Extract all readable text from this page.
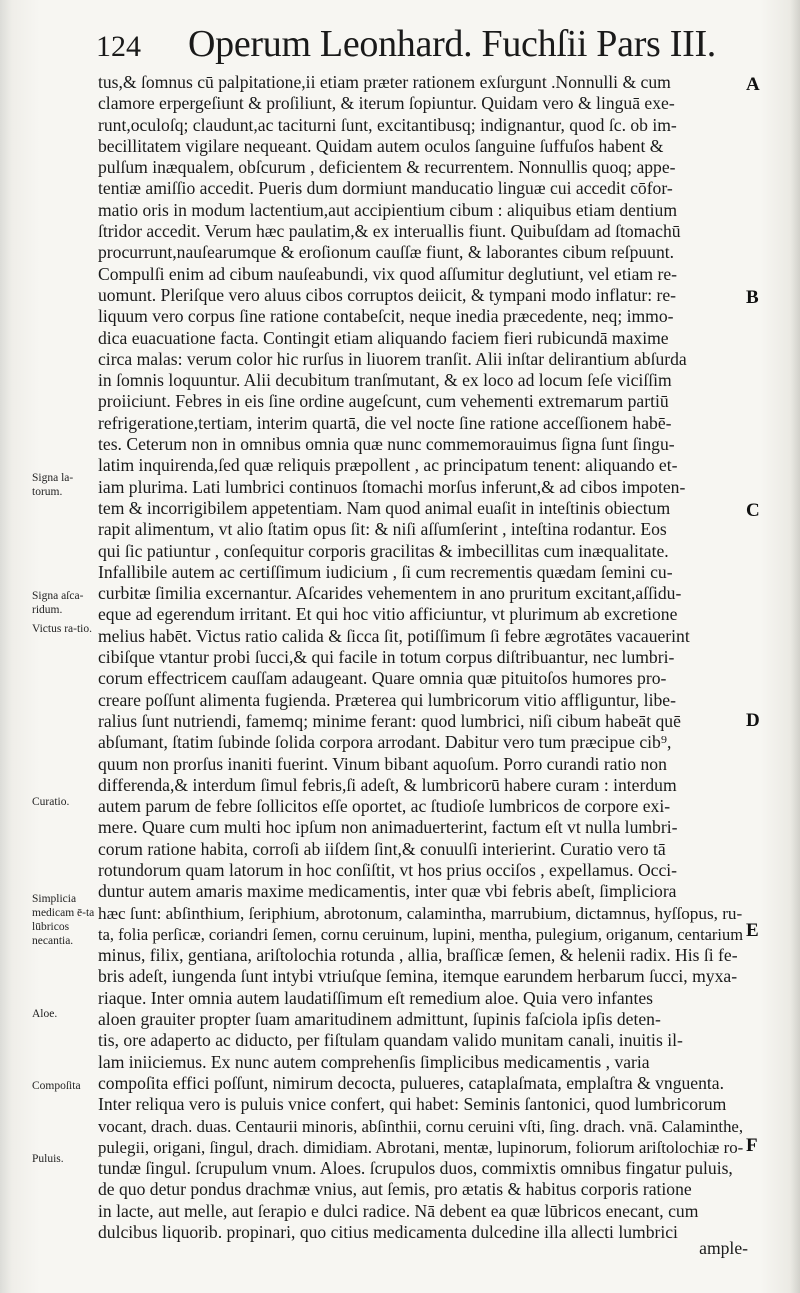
124 Operum Leonhard. Fuchſii Pars III.
tus,& ſomnus cū palpitatione,ii etiam præter rationem exſurgunt .Nonnulli & cum
clamore erpergeſiunt & proſiliunt, & iterum ſopiuntur. Quidam vero & linguā exe-
runt,oculoſq; claudunt,ac taciturni ſunt, excitantibusq; indignantur, quod ſc. ob im-
becillitatem vigilare nequeant. Quidam autem oculos ſanguine ſuffuſos habent &
pulſum inæqualem, obſcurum , deficientem & recurrentem. Nonnullis quoq; appe-
tentiæ amiſſio accedit. Pueris dum dormiunt manducatio linguæ cui accedit cōfor-
matio oris in modum lactentium,aut accipientium cibum : aliquibus etiam dentium
ſtridor accedit. Verum hæc paulatim,& ex interuallis fiunt. Quibuſdam ad ſtomachū
procurrunt,nauſearumque & eroſionum cauſſæ fiunt, & laborantes cibum reſpuunt.
Compulſi enim ad cibum nauſeabundi, vix quod aſſumitur deglutiunt, vel etiam re-
uomunt. Pleriſque vero aluus cibos corruptos deiicit, & tympani modo inflatur: re-
liquum vero corpus ſine ratione contabeſcit, neque inedia præcedente, neq; immo-
dica euacuatione facta. Contingit etiam aliquando faciem fieri rubicundā maxime
circa malas: verum color hic rurſus in liuorem tranſit. Alii inſtar delirantium abſurda
in ſomnis loquuntur. Alii decubitum tranſmutant, & ex loco ad locum ſeſe viciſſim
proiiciunt. Febres in eis ſine ordine augeſcunt, cum vehementi extremarum partiū
refrigeratione,tertiam, interim quartā, die vel nocte ſine ratione acceſſionem habē-
tes. Ceterum non in omnibus omnia quæ nunc commemorauimus ſigna ſunt ſingu-
latim inquirenda,ſed quæ reliquis præpollent , ac principatum tenent: aliquando et-
iam plurima. Lati lumbrici continuos ſtomachi morſus inferunt,& ad cibos impoten-
tem & incorrigibilem appetentiam. Nam quod animal euaſit in inteſtinis obiectum
rapit alimentum, vt alio ſtatim opus ſit: & niſi aſſumſerint , inteſtina rodantur. Eos
qui ſic patiuntur , conſequitur corporis gracilitas & imbecillitas cum inæqualitate.
Infallibile autem ac certiſſimum iudicium , ſi cum recrementis quædam ſemini cu-
curbitæ ſimilia excernantur. Aſcarides vehementem in ano pruritum excitant,aſſidu-
eque ad egerendum irritant. Et qui hoc vitio afficiuntur, vt plurimum ab excretione
melius habēt. Victus ratio calida & ſicca ſit, potiſſimum ſi febre ægrotātes vacauerint
cibiſque vtantur probi ſucci,& qui facile in totum corpus diſtribuantur, nec lumbri-
corum effectricem cauſſam adaugeant. Quare omnia quæ pituitoſos humores pro-
creare poſſunt alimenta fugienda. Præterea qui lumbricorum vitio affliguntur, libe-
ralius ſunt nutriendi, famemq; minime ferant: quod lumbrici, niſi cibum habeāt quē
abſumant, ſtatim ſubinde ſolida corpora arrodant. Dabitur vero tum præcipue cib⁹,
quum non prorſus inaniti fuerint. Vinum bibant aquoſum. Porro curandi ratio non
differenda,& interdum ſimul febris,ſi adeſt, & lumbricorū habere curam : interdum
autem parum de febre ſollicitos eſſe oportet, ac ſtudioſe lumbricos de corpore exi-
mere. Quare cum multi hoc ipſum non animaduerterint, factum eſt vt nulla lumbri-
corum ratione habita, corroſi ab iiſdem ſint,& conuulſi interierint. Curatio vero tā
rotundorum quam latorum in hoc conſiſtit, vt hos prius occiſos , expellamus. Occi-
duntur autem amaris maxime medicamentis, inter quæ vbi febris abeſt, ſimpliciora
hæc ſunt: abſinthium, ſeriphium, abrotonum, calamintha, marrubium, dictamnus, hyſſopus, ru-
ta, folia perſicæ, coriandri ſemen, cornu ceruinum, lupini, mentha, pulegium, origanum, centarium
minus, filix, gentiana, ariſtolochia rotunda , allia, braſſicæ ſemen, & helenii radix. His ſi fe-
bris adeſt, iungenda ſunt intybi vtriuſque ſemina, itemque earundem herbarum ſucci, myxa-
riaque. Inter omnia autem laudatiſſimum eſt remedium aloe. Quia vero infantes
aloen grauiter propter ſuam amaritudinem admittunt, ſupinis faſciola ipſis deten-
tis, ore adaperto ac diducto, per fiſtulam quandam valido munitam canali, inuitis il-
lam iniiciemus. Ex nunc autem comprehenſis ſimplicibus medicamentis , varia
compoſita effici poſſunt, nimirum decocta, pulueres, cataplaſmata, emplaſtra & vnguenta.
Inter reliqua vero is puluis vnice confert, qui habet: Seminis ſantonici, quod lumbricorum
vocant, drach. duas. Centaurii minoris, abſinthii, cornu ceruini vſti, ſing. drach. vnā. Calaminthe,
pulegii, origani, ſingul, drach. dimidiam. Abrotani, mentæ, lupinorum, foliorum ariſtolochiæ ro-
tundæ ſingul. ſcrupulum vnum. Aloes. ſcrupulos duos, commixtis omnibus fingatur puluis,
de quo detur pondus drachmæ vnius, aut ſemis, pro ætatis & habitus corporis ratione
in lacte, aut melle, aut ſerapio e dulci radice. Nā debent ea quæ lūbricos enecant, cum
dulcibus liquorib. propinari, quo citius medicamenta dulcedine illa allecti lumbrici
Signa la-torum.
Signa aſca-ridum.
Victus ra-tio.
Curatio.
Simplicia medicam ē-ta lūbricos necantia.
Aloe.
Compoſita
Puluis.
A
B
C
D
E
F
ample-
